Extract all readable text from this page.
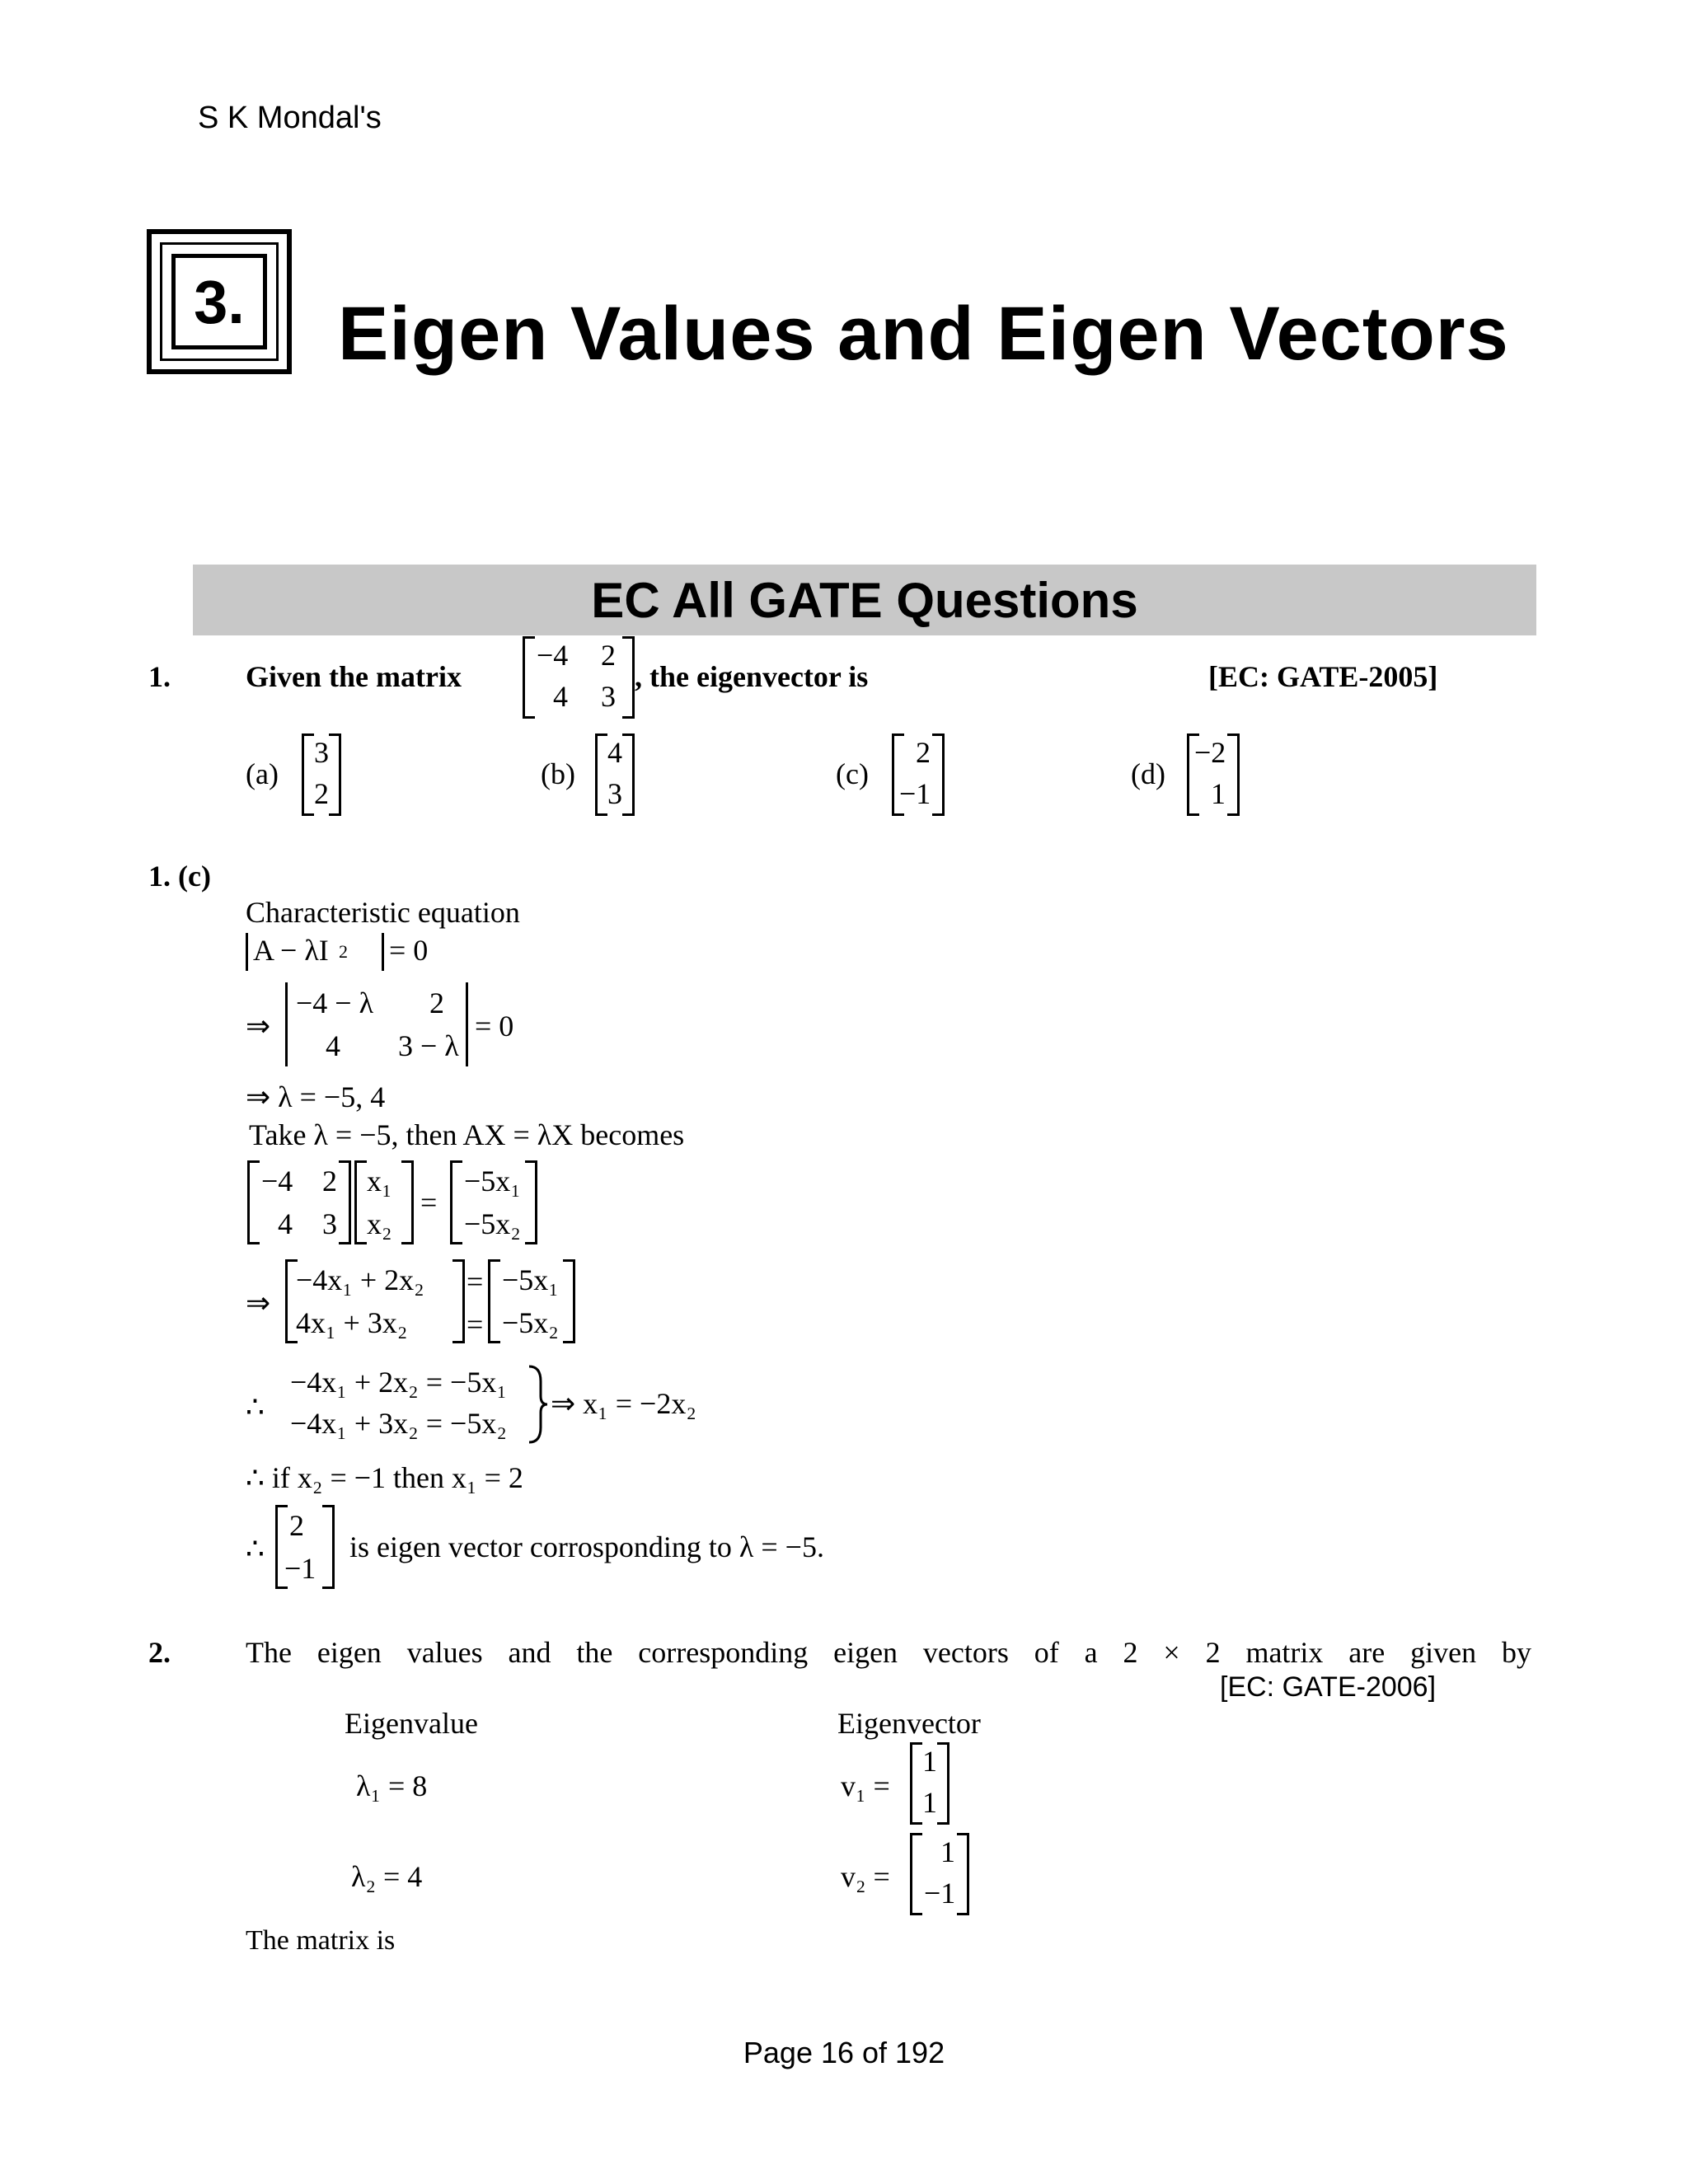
S K Mondal's
3. Eigen Values and Eigen Vectors
EC All GATE Questions
1.	Given the matrix
−4 2
4 3
, the eigenvector is	[EC: GATE-2005]
(a)
3
2
(b)
4
3
(c)
2
−1
(d)
−2
1
1. (c)
Characteristic equation
A − λI 2 = 0
⇒
−4 − λ 2
4 3 − λ
= 0
⇒ λ = −5, 4
Take λ = −5, then AX = λX becomes
−4 2
4 3
x₁
x₂
=
−5x₁
−5x₂
⇒
−4x₁ + 2x₂
4x₁ + 3x₂
=
=
−5x₁
−5x₂
∴
−4x₁ + 2x₂ = −5x₁
−4x₁ + 3x₂ = −5x₂
⇒ x₁ = −2x₂
∴ if x₂ = −1 then x₁ = 2
∴
2
−1
is eigen vector corrosponding to λ = −5.
2.	The eigen values and the corresponding eigen vectors of a 2 × 2 matrix are given by
[EC: GATE-2006]
Eigenvalue	Eigenvector
λ₁ = 8	v₁ =
1
1
λ₂ = 4	v₂ =
1
−1
The matrix is
Page 16 of 192
